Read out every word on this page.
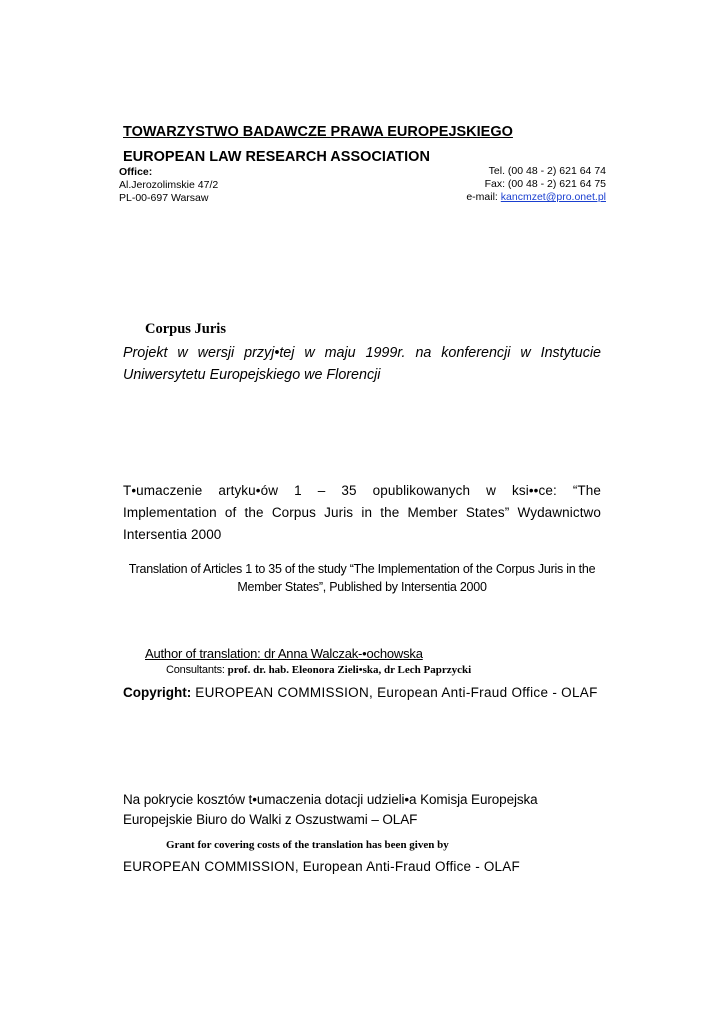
TOWARZYSTWO BADAWCZE PRAWA EUROPEJSKIEGO
EUROPEAN LAW RESEARCH ASSOCIATION
Office:
Al.Jerozolimskie 47/2
PL-00-697 Warsaw
Tel. (00 48 - 2) 621 64 74
Fax: (00 48 - 2) 621 64 75
e-mail: kancmzet@pro.onet.pl
Corpus Juris
Projekt w wersji przyj•tej w maju 1999r. na konferencji w Instytucie Uniwersytetu Europejskiego we Florencji
T•umaczenie artyku•ów 1 – 35 opublikowanych w ksi••ce: “The Implementation of the Corpus Juris in the Member States” Wydawnictwo Intersentia 2000
Translation of Articles 1 to 35 of the study “The Implementation of the Corpus Juris in the Member States”, Published by Intersentia 2000
Author of translation: dr Anna Walczak-•ochowska
Consultants: prof. dr. hab. Eleonora Zieli•ska, dr Lech Paprzycki
Copyright: EUROPEAN COMMISSION, European Anti-Fraud Office - OLAF
Na pokrycie kosztów t•umaczenia dotacji udzieli•a Komisja Europejska Europejskie Biuro do Walki z Oszustwami – OLAF
Grant for covering costs of the translation has been given by
EUROPEAN COMMISSION, European Anti-Fraud Office - OLAF
